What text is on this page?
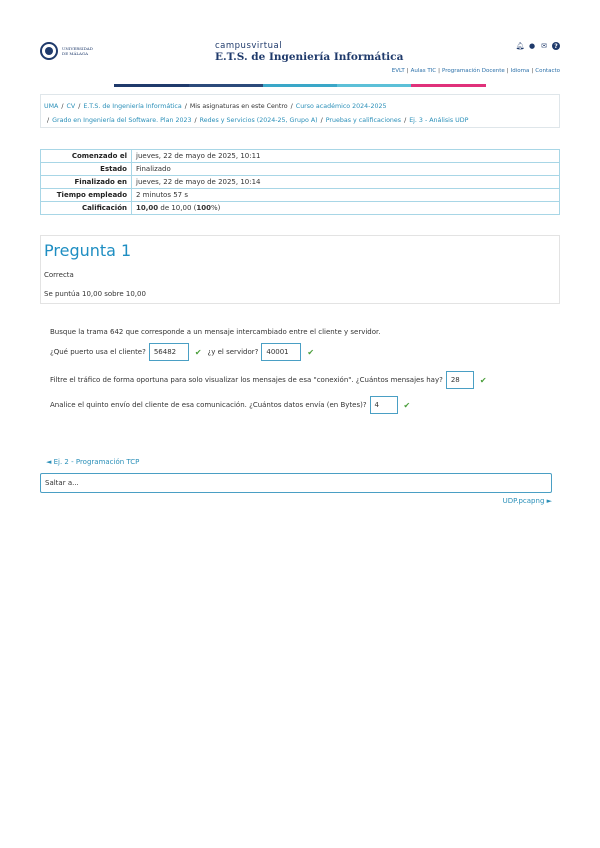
UNIVERSIDAD
DE MÁLAGA
campusvirtual
E.T.S. de Ingeniería Informática
🔔︎ ● ✉︎	?
EVLT | Aulas TIC | Programación Docente | Idioma | Contacto
UMA / CV / E.T.S. de Ingeniería Informática / Mis asignaturas en este Centro / Curso académico 2024-2025
/ Grado en Ingeniería del Software. Plan 2023 / Redes y Servicios (2024-25, Grupo A) / Pruebas y calificaciones / Ej. 3 - Análisis UDP
Comenzado el	jueves, 22 de mayo de 2025, 10:11
Estado	Finalizado
Finalizado en	jueves, 22 de mayo de 2025, 10:14
Tiempo empleado	2 minutos 57 s
Calificación	10,00 de 10,00 (100%)
Pregunta 1
Correcta
Se puntúa 10,00 sobre 10,00
Busque la trama 642 que corresponde a un mensaje intercambiado entre el cliente y servidor.
¿Qué puerto usa el cliente?	56482	✔ ¿y el servidor?	40001	✔
Filtre el tráfico de forma oportuna para solo visualizar los mensajes de esa "conexión". ¿Cuántos mensajes hay?	28	✔
Analice el quinto envío del cliente de esa comunicación. ¿Cuántos datos envía (en Bytes)?	4	✔
◄ Ej. 2 - Programación TCP
Saltar a...
UDP.pcapng ►
